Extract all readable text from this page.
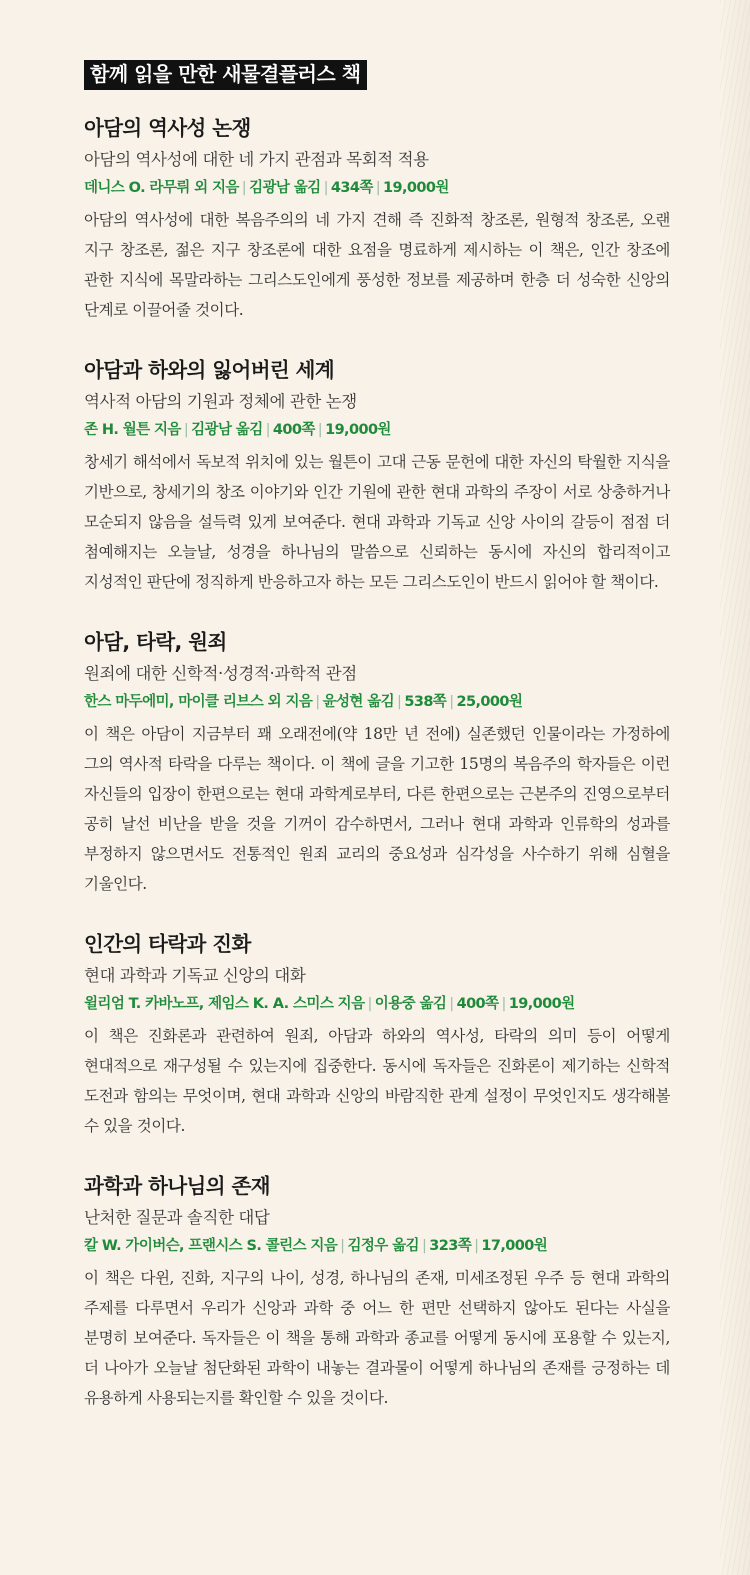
함께 읽을 만한 새물결플러스 책
아담의 역사성 논쟁
아담의 역사성에 대한 네 가지 관점과 목회적 적용
데니스 O. 라무뤼 외 지음 | 김광남 옮김 | 434쪽 | 19,000원
아담의 역사성에 대한 복음주의의 네 가지 견해 즉 진화적 창조론, 원형적 창조론, 오랜 지구 창조론, 젊은 지구 창조론에 대한 요점을 명료하게 제시하는 이 책은, 인간 창조에 관한 지식에 목말라하는 그리스도인에게 풍성한 정보를 제공하며 한층 더 성숙한 신앙의 단계로 이끌어줄 것이다.
아담과 하와의 잃어버린 세계
역사적 아담의 기원과 정체에 관한 논쟁
존 H. 월튼 지음 | 김광남 옮김 | 400쪽 | 19,000원
창세기 해석에서 독보적 위치에 있는 월튼이 고대 근동 문헌에 대한 자신의 탁월한 지식을 기반으로, 창세기의 창조 이야기와 인간 기원에 관한 현대 과학의 주장이 서로 상충하거나 모순되지 않음을 설득력 있게 보여준다. 현대 과학과 기독교 신앙 사이의 갈등이 점점 더 첨예해지는 오늘날, 성경을 하나님의 말씀으로 신뢰하는 동시에 자신의 합리적이고 지성적인 판단에 정직하게 반응하고자 하는 모든 그리스도인이 반드시 읽어야 할 책이다.
아담, 타락, 원죄
원죄에 대한 신학적·성경적·과학적 관점
한스 마두에미, 마이클 리브스 외 지음 | 윤성현 옮김 | 538쪽 | 25,000원
이 책은 아담이 지금부터 꽤 오래전에(약 18만 년 전에) 실존했던 인물이라는 가정하에 그의 역사적 타락을 다루는 책이다. 이 책에 글을 기고한 15명의 복음주의 학자들은 이런 자신들의 입장이 한편으로는 현대 과학계로부터, 다른 한편으로는 근본주의 진영으로부터 공히 날선 비난을 받을 것을 기꺼이 감수하면서, 그러나 현대 과학과 인류학의 성과를 부정하지 않으면서도 전통적인 원죄 교리의 중요성과 심각성을 사수하기 위해 심혈을 기울인다.
인간의 타락과 진화
현대 과학과 기독교 신앙의 대화
윌리엄 T. 카바노프, 제임스 K. A. 스미스 지음 | 이용중 옮김 | 400쪽 | 19,000원
이 책은 진화론과 관련하여 원죄, 아담과 하와의 역사성, 타락의 의미 등이 어떻게 현대적으로 재구성될 수 있는지에 집중한다. 동시에 독자들은 진화론이 제기하는 신학적 도전과 함의는 무엇이며, 현대 과학과 신앙의 바람직한 관계 설정이 무엇인지도 생각해볼 수 있을 것이다.
과학과 하나님의 존재
난처한 질문과 솔직한 대답
칼 W. 가이버슨, 프랜시스 S. 콜린스 지음 | 김정우 옮김 | 323쪽 | 17,000원
이 책은 다윈, 진화, 지구의 나이, 성경, 하나님의 존재, 미세조정된 우주 등 현대 과학의 주제를 다루면서 우리가 신앙과 과학 중 어느 한 편만 선택하지 않아도 된다는 사실을 분명히 보여준다. 독자들은 이 책을 통해 과학과 종교를 어떻게 동시에 포용할 수 있는지, 더 나아가 오늘날 첨단화된 과학이 내놓는 결과물이 어떻게 하나님의 존재를 긍정하는 데 유용하게 사용되는지를 확인할 수 있을 것이다.
